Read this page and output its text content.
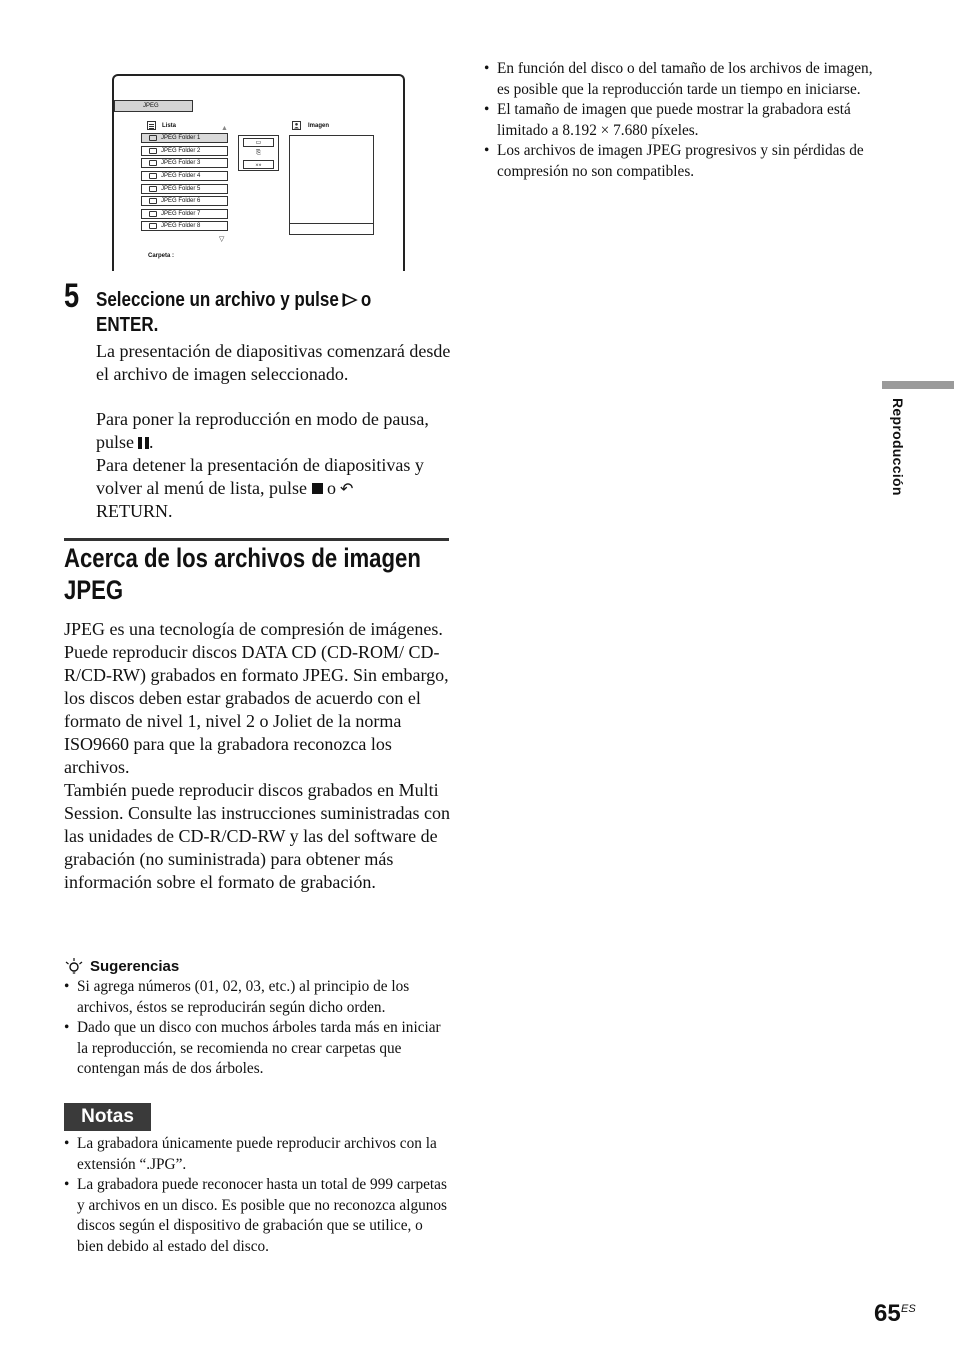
JPEG
Lista	▲
▽
Carpeta :
▭
⎘
»»
Imagen
JPEG Folder 1
JPEG Folder 2
JPEG Folder 3
JPEG Folder 4
JPEG Folder 5
JPEG Folder 6
JPEG Folder 7
JPEG Folder 8
5 Seleccione un archivo y pulse o ENTER.
La presentación de diapositivas comenzará desde el archivo de imagen seleccionado.
Para poner la reproducción en modo de pausa, pulse .
Para detener la presentación de diapositivas y volver al menú de lista, pulse o ↶
RETURN.
Acerca de los archivos de imagen JPEG
JPEG es una tecnología de compresión de imágenes.
Puede reproducir discos DATA CD (CD-ROM/ CD-R/CD-RW) grabados en formato JPEG. Sin embargo, los discos deben estar grabados de acuerdo con el formato de nivel 1, nivel 2 o Joliet de la norma ISO9660 para que la grabadora reconozca los archivos.
También puede reproducir discos grabados en Multi Session. Consulte las instrucciones suministradas con las unidades de CD-R/CD-RW y las del software de grabación (no suministrada) para obtener más información sobre el formato de grabación.
Sugerencias
• Si agrega números (01, 02, 03, etc.) al principio de los archivos, éstos se reproducirán según dicho orden.
• Dado que un disco con muchos árboles tarda más en iniciar la reproducción, se recomienda no crear carpetas que contengan más de dos árboles.
Notas
• La grabadora únicamente puede reproducir archivos con la extensión “.JPG”.
• La grabadora puede reconocer hasta un total de 999 carpetas y archivos en un disco. Es posible que no reconozca algunos discos según el dispositivo de grabación que se utilice, o bien debido al estado del disco.
• En función del disco o del tamaño de los archivos de imagen, es posible que la reproducción tarde un tiempo en iniciarse.
• El tamaño de imagen que puede mostrar la grabadora está limitado a 8.192 × 7.680 píxeles.
• Los archivos de imagen JPEG progresivos y sin pérdidas de compresión no son compatibles.
Reproducción
65 ES
